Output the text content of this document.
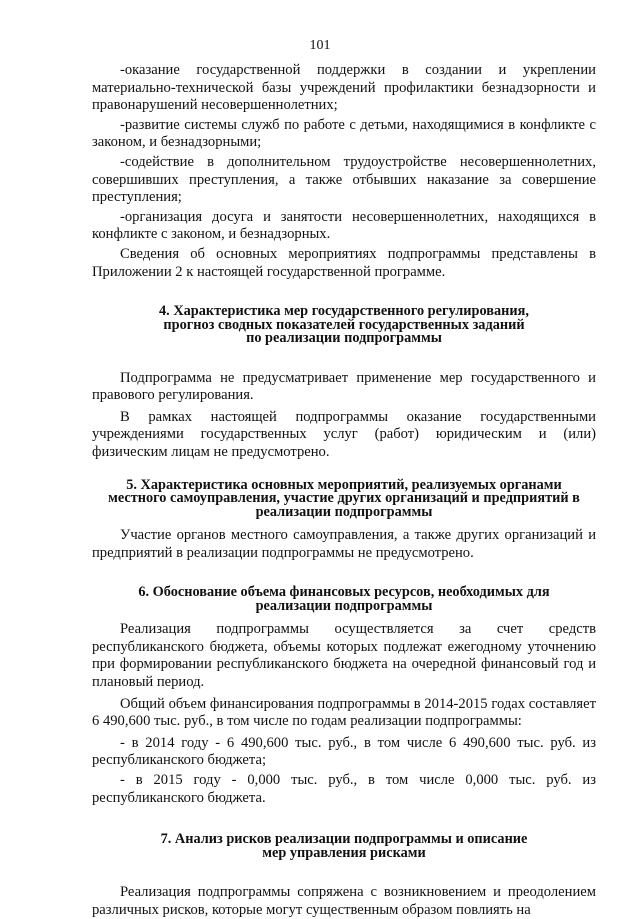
101

-оказание государственной поддержки в создании и укреплении материально-технической базы учреждений профилактики безнадзорности и правонарушений несовершеннолетних;

-развитие системы служб по работе с детьми, находящимися в конфликте с законом, и безнадзорными;

-содействие в дополнительном трудоустройстве несовершеннолетних, совершивших преступления, а также отбывших наказание за совершение преступления;

-организация досуга и занятости несовершеннолетних, находящихся в конфликте с законом, и безнадзорных.

Сведения об основных мероприятиях подпрограммы представлены в Приложении 2 к настоящей государственной программе.

4. Характеристика мер государственного регулирования,
прогноз сводных показателей государственных заданий
по реализации подпрограммы

Подпрограмма не предусматривает применение мер государственного и правового регулирования.

В рамках настоящей подпрограммы оказание государственными учреждениями государственных услуг (работ) юридическим и (или) физическим лицам не предусмотрено.

5. Характеристика основных мероприятий, реализуемых органами
местного самоуправления, участие других организаций и предприятий в
реализации подпрограммы

Участие органов местного самоуправления, а также других организаций и предприятий в реализации подпрограммы не предусмотрено.

6. Обоснование объема финансовых ресурсов, необходимых для
реализации подпрограммы

Реализация подпрограммы осуществляется за счет средств республиканского бюджета, объемы которых подлежат ежегодному уточнению при формировании республиканского бюджета на очередной финансовый год и плановый период.

Общий объем финансирования подпрограммы в 2014-2015 годах составляет 6 490,600 тыс. руб., в том числе по годам реализации подпрограммы:

- в 2014 году - 6 490,600 тыс. руб., в том числе 6 490,600 тыс. руб. из республиканского бюджета;

- в 2015 году - 0,000 тыс. руб., в том числе 0,000 тыс. руб. из республиканского бюджета.

7. Анализ рисков реализации подпрограммы и описание
мер управления рисками

Реализация подпрограммы сопряжена с возникновением и преодолением различных рисков, которые могут существенным образом повлиять на
